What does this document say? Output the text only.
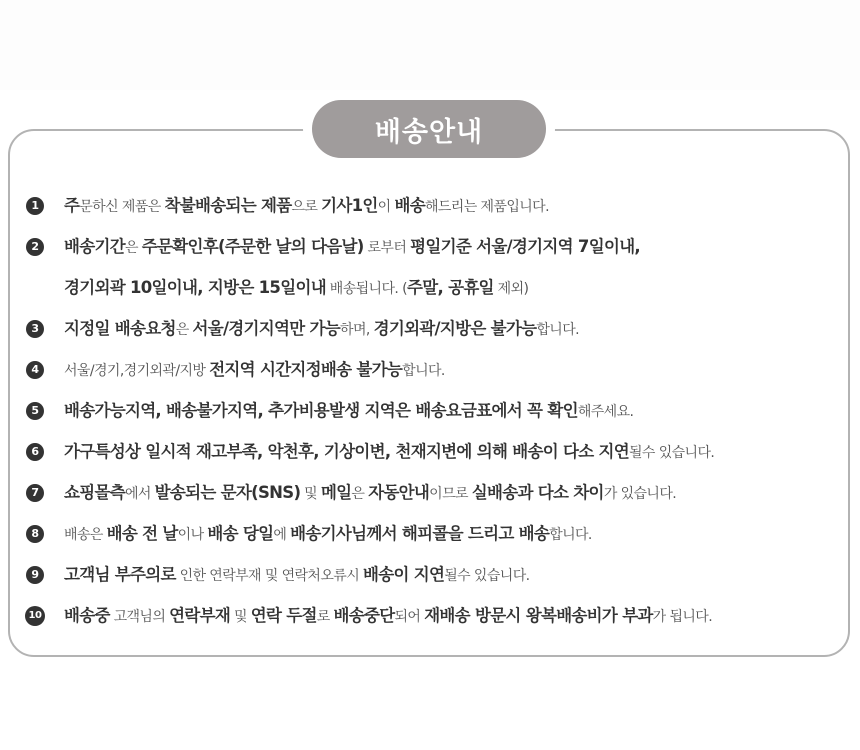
배송안내
1	주문하신 제품은 착불배송되는 제품으로 기사1인이 배송해드리는 제품입니다.
2	배송기간은 주문확인후(주문한 날의 다음날) 로부터 평일기준 서울/경기지역 7일이내,
경기외곽 10일이내, 지방은 15일이내 배송됩니다. (주말, 공휴일 제외)
3	지정일 배송요청은 서울/경기지역만 가능하며, 경기외곽/지방은 불가능합니다.
4	서울/경기,경기외곽/지방 전지역 시간지정배송 불가능합니다.
5	배송가능지역, 배송불가지역, 추가비용발생 지역은 배송요금표에서 꼭 확인해주세요.
6	가구특성상 일시적 재고부족, 악천후, 기상이변, 천재지변에 의해 배송이 다소 지연될수 있습니다.
7	쇼핑몰측에서 발송되는 문자(SNS) 및 메일은 자동안내이므로 실배송과 다소 차이가 있습니다.
8	배송은 배송 전 날이나 배송 당일에 배송기사님께서 해피콜을 드리고 배송합니다.
9	고객님 부주의로 인한 연락부재 및 연락처오류시 배송이 지연될수 있습니다.
10 배송중 고객님의 연락부재 및 연락 두절로 배송중단되어 재배송 방문시 왕복배송비가 부과가 됩니다.
